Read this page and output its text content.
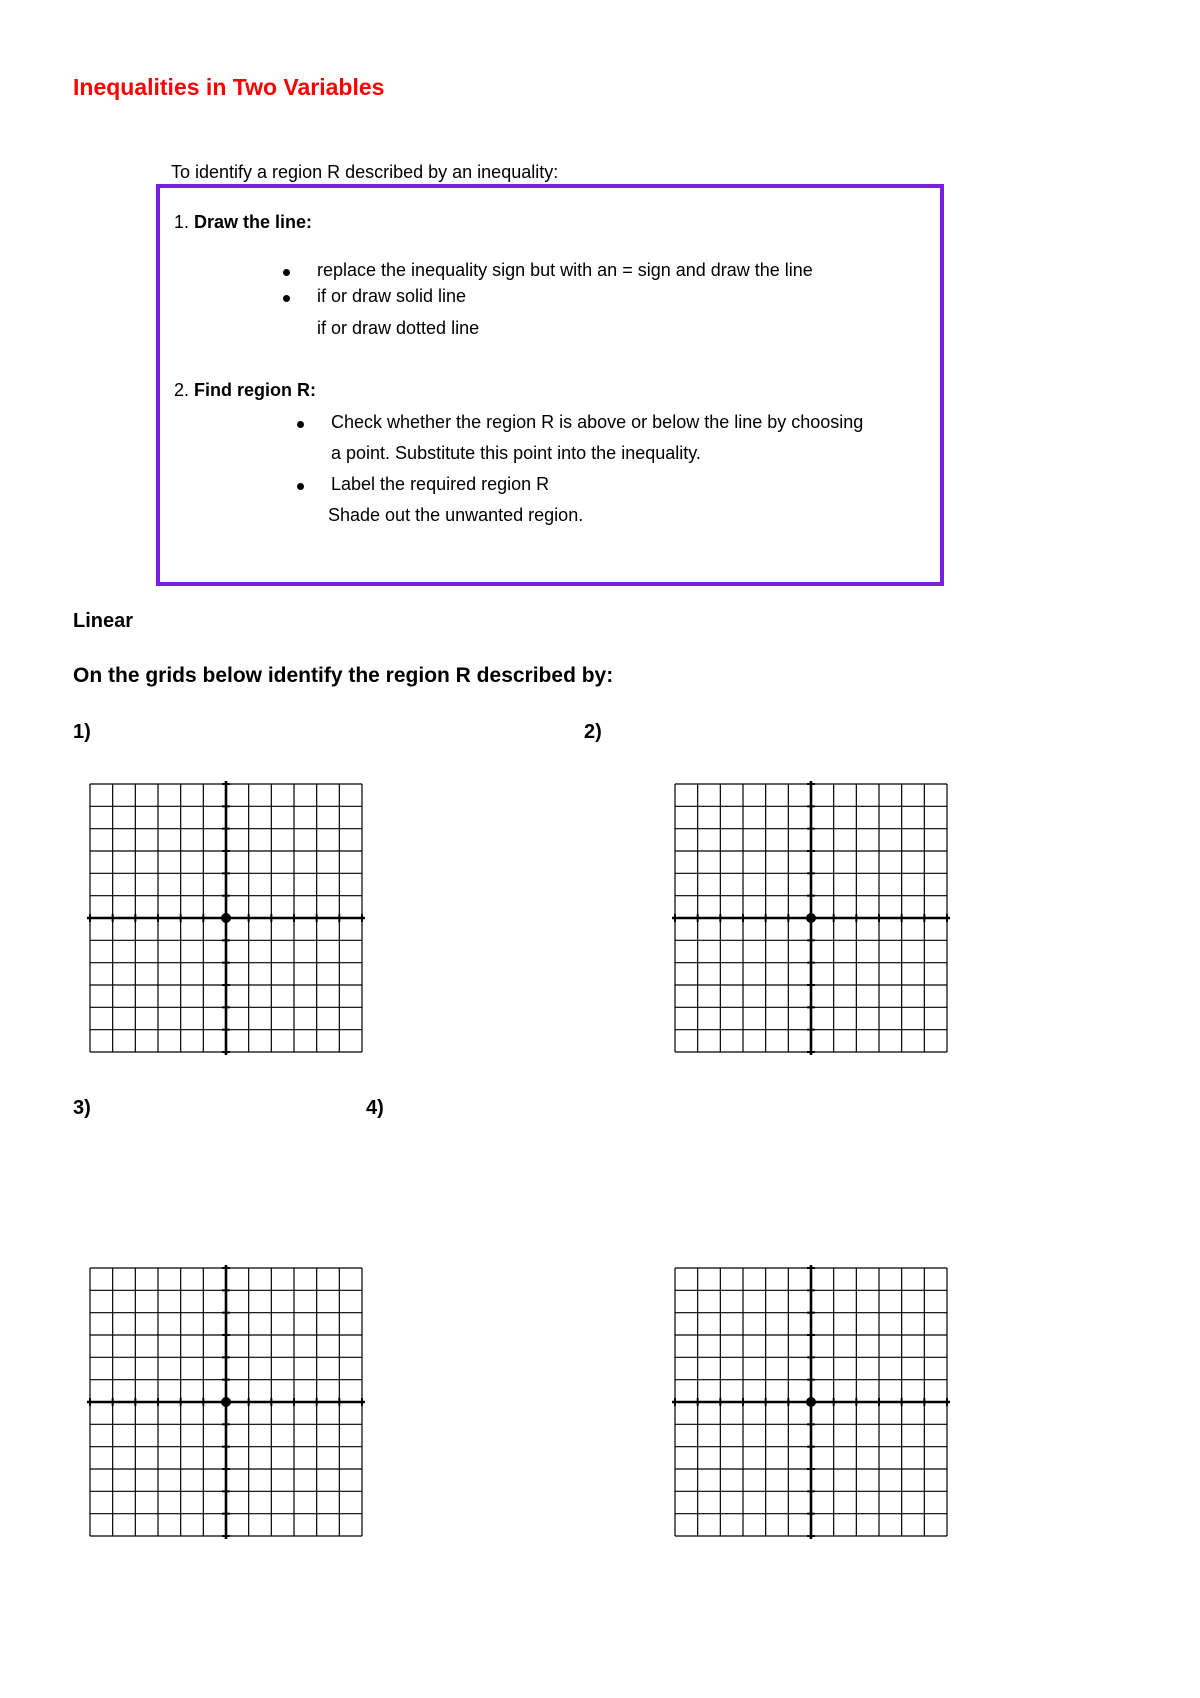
Inequalities in Two Variables
To identify a region R described by an inequality:
1. Draw the line:
replace the inequality sign but with an = sign and draw the line
if or draw solid line
if or draw dotted line
2. Find region R:
Check whether the region R is above or below the line by choosing
a point. Substitute this point into the inequality.
Label the required region R
Shade out the unwanted region.
Linear
On the grids below identify the region R described by:
1)	2)
3)	4)
